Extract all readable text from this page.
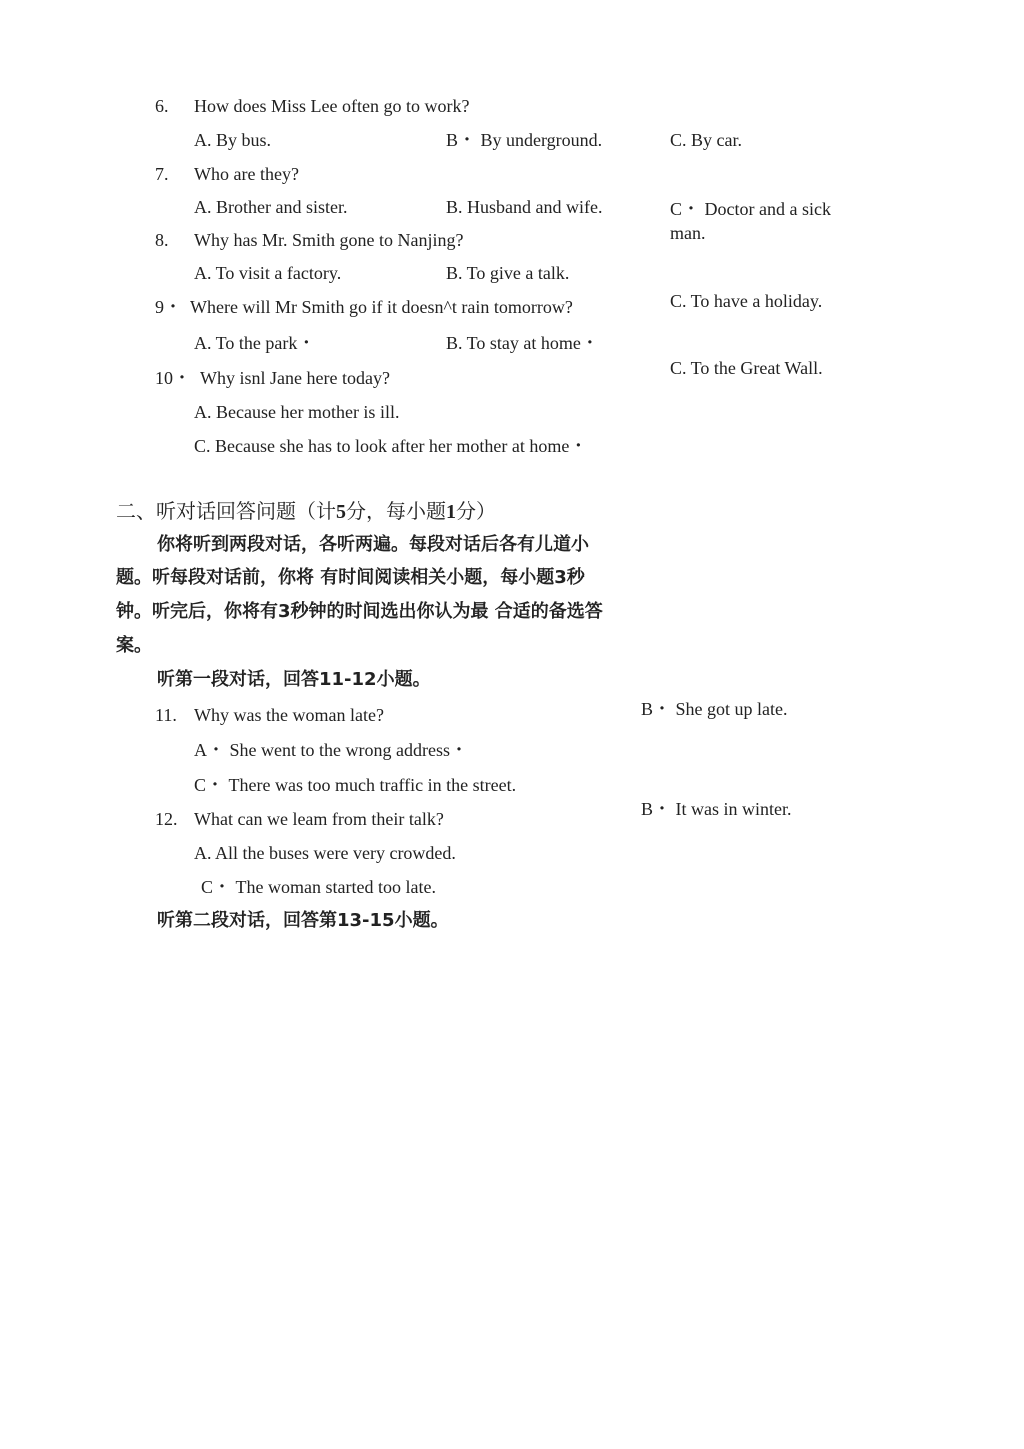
6. How does Miss Lee often go to work?
A. By bus.	B・ By underground.	C. By car.
7. Who are they?
A. Brother and sister.	B. Husband and wife.	C・ Doctor and a sick
man.
8. Why has Mr. Smith gone to Nanjing?
A. To visit a factory.	B. To give a talk.
C. To have a holiday.
9・ Where will Mr Smith go if it doesn^t rain tomorrow?
A. To the park・	B. To stay at home・
C. To the Great Wall.
10・ Why isnl Jane here today?
A. Because her mother is ill.
C. Because she has to look after her mother at home・
二、听对话回答问题（计5分，每小题1分）
你将听到两段对话，各听两遍。每段对话后各有儿道小
题。听每段对话前，你将 有时间阅读相关小题，每小题3秒
钟。听完后，你将有3秒钟的时间选出你认为最 合适的备选答
案。
听第一段对话，回答11-12小题。
11. Why was the woman late?	B・ She got up late.
A・ She went to the wrong address・
C・ There was too much traffic in the street.
12. What can we leam from their talk?	B・ It was in winter.
A. All the buses were very crowded.
C・ The woman started too late.
听第二段对话，回答第13-15小题。
